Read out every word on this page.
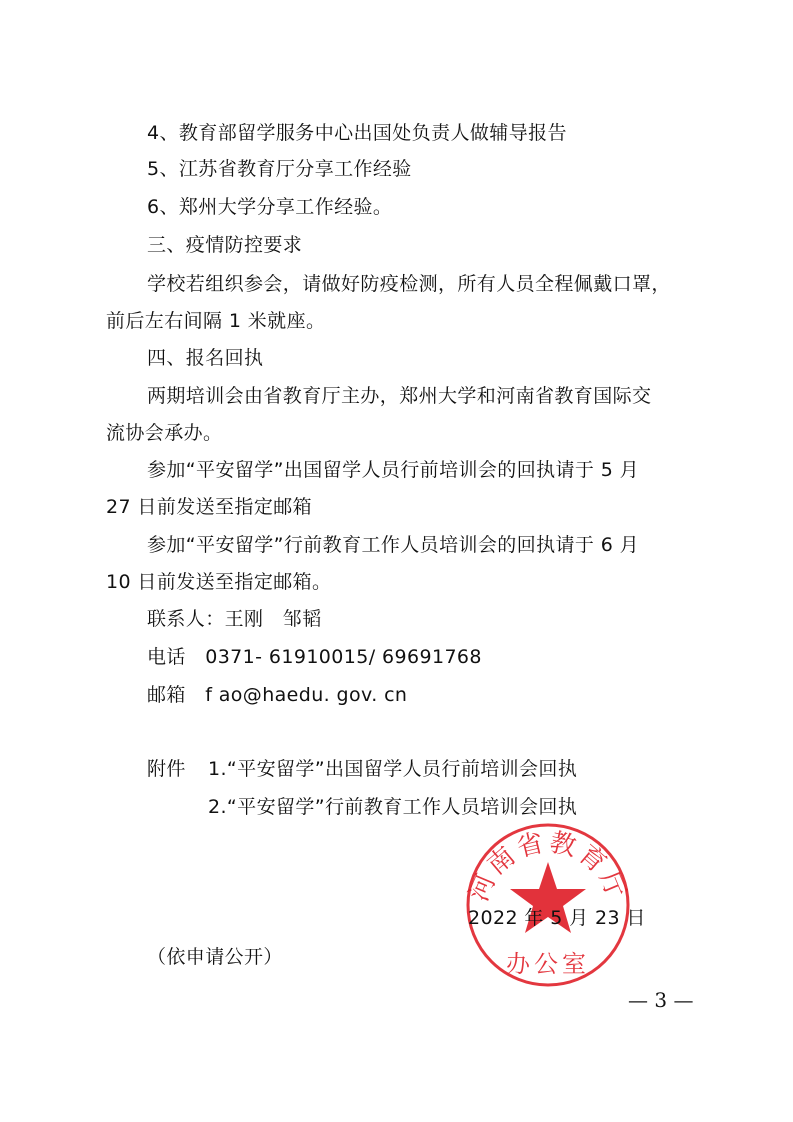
4、教育部留学服务中心出国处负责人做辅导报告
5、江苏省教育厅分享工作经验
6、郑州大学分享工作经验。
三、疫情防控要求
学校若组织参会，请做好防疫检测，所有人员全程佩戴口罩，
前后左右间隔 1 米就座。
四、报名回执
两期培训会由省教育厅主办，郑州大学和河南省教育国际交
流协会承办。
参加“平安留学”出国留学人员行前培训会的回执请于 5 月
27 日前发送至指定邮箱
参加“平安留学”行前教育工作人员培训会的回执请于 6 月
10 日前发送至指定邮箱。
联系人：王刚　邹韬
电话　0371- 61910015/ 69691768
邮箱　f ao@haedu. gov. cn
附件 1.“平安留学”出国留学人员行前培训会回执
2.“平安留学”行前教育工作人员培训会回执
河南省教育厅
办公室
2022 年 5 月 23 日
（依申请公开）
— 3 —
